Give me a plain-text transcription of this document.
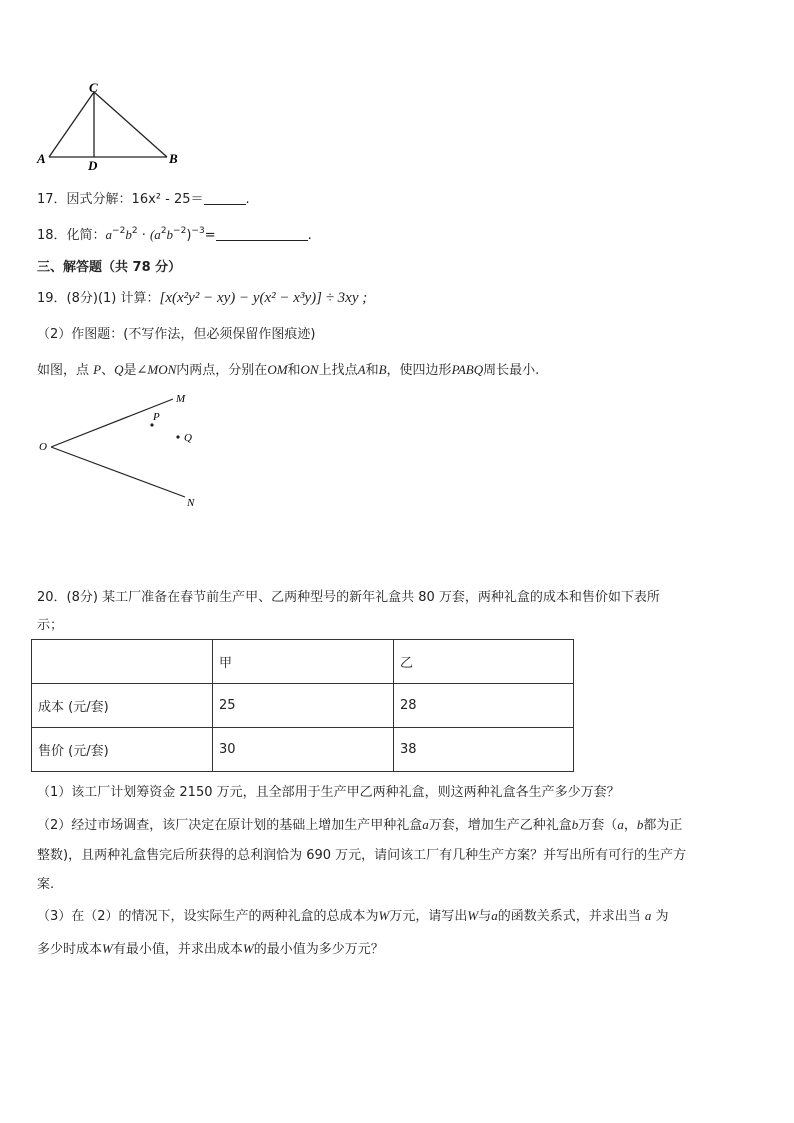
C
A	D	B
17．因式分解：16x² - 25＝	.
18．化简：$a^{-2}b^2 \cdot (a^2b^{-2})^{-3}=$	.
三、解答题（共 78 分）
19．(8分)(1) 计算：[x(x²y² − xy) − y(x² − x³y)] ÷ 3xy ;
（2）作图题：(不写作法，但必须保留作图痕迹)
如图，点 P、Q是∠MON内两点，分别在OM和ON上找点A和B，使四边形PABQ周长最小.
O
M
N
P
Q
20．(8分) 某工厂准备在春节前生产甲、乙两种型号的新年礼盒共 80 万套，两种礼盒的成本和售价如下表所
示；
	甲	乙
成本 (元/套)	25	28
售价 (元/套)	30	38
（1）该工厂计划筹资金 2150 万元，且全部用于生产甲乙两种礼盒，则这两种礼盒各生产多少万套？
（2）经过市场调查，该厂决定在原计划的基础上增加生产甲种礼盒a万套，增加生产乙种礼盒b万套（a，b都为正
整数)，且两种礼盒售完后所获得的总利润恰为 690 万元，请问该工厂有几种生产方案？并写出所有可行的生产方
案.
（3）在（2）的情况下，设实际生产的两种礼盒的总成本为W万元，请写出W与a的函数关系式，并求出当 a 为
多少时成本W有最小值，并求出成本W的最小值为多少万元？
